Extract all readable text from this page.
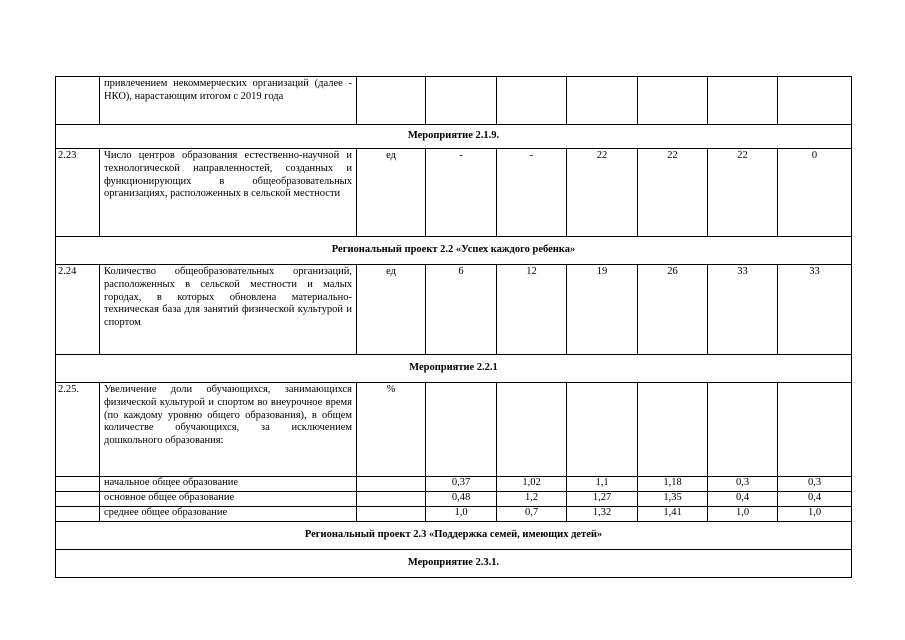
	привлечением некоммерческих организаций (далее - НКО), нарастающим итогом с 2019 года							
Мероприятие 2.1.9.								
2.23	Число центров образования естественно-научной и технологической направленностей, созданных и функционирующих в общеобразовательных организациях, расположенных в сельской местности	ед	-	-	22	22	22	0
Региональный проект 2.2 «Успех каждого ребенка»								
2.24	Количество общеобразовательных организаций, расположенных в сельской местности и малых городах, в которых обновлена материально-техническая база для занятий физической культурой и спортом	ед	6	12	19	26	33	33
Мероприятие 2.2.1								
2.25.	Увеличение доли обучающихся, занимающихся физической культурой и спортом во внеурочное время (по каждому уровню общего образования), в общем количестве обучающихся, за исключением дошкольного образования:	%						
	начальное общее образование		0,37	1,02	1,1	1,18	0,3	0,3
	основное общее образование		0,48	1,2	1,27	1,35	0,4	0,4
	среднее общее образование		1,0	0,7	1,32	1,41	1,0	1,0
Региональный проект 2.3 «Поддержка семей, имеющих детей»								
Мероприятие 2.3.1.								
